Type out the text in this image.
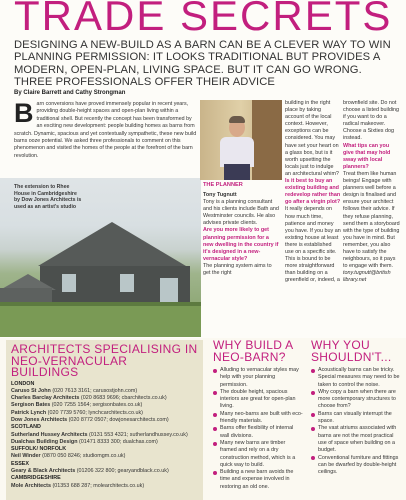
TRADE SECRETS
DESIGNING A NEW-BUILD AS A BARN CAN BE A CLEVER WAY TO WIN PLANNING PERMISSION: IT LOOKS TRADITIONAL BUT PROVIDES A MODERN, OPEN-PLAN, LIVING SPACE. BUT IT CAN GO WRONG. THREE PROFESSIONALS OFFER THEIR ADVICE
By Claire Barrett and Cathy Strongman
B arn conversions have proved immensely popular in recent years, providing double-height spaces and open-plan living within a traditional shell. But recently the concept has been transformed by an exciting new development: people building homes as barns from scratch. Dynamic, spacious and yet contextually sympathetic, these new build barns ooze potential. We asked three professionals to comment on this phenomenon and visited the homes of the people at the forefront of the barn revolution.
The extension to Rhee House in Cambridgeshire by Dow Jones Architects is used as an artist's studio
THE PLANNER

Tony Tugnutt

Tony is a planning consultant and his clients include Bath and Westminster councils. He also advises private clients.

Are you more likely to get planning permission for a new dwelling in the country if it's designed in a new-vernacular style?

The planning system aims to get the right

building in the right place by taking account of the local context. However, exceptions can be considered. You may have set your heart on a glass box, but is it worth upsetting the locals just to indulge an architectural whim?

Is it best to buy an existing building and redevelop rather than go after a virgin plot?

It really depends on how much time, patience and money you have. If you buy an existing house at least there is established use on a specific site. This is bound to be more straightforward than building on a greenfield or, indeed, a

brownfield site. Do not choose a listed building if you want to do a radical makeover. Choose a Sixties dog instead.

What tips can you give that may hold sway with local planners?

Treat them like human beings! Engage with planners well before a design is finalised and ensure your architect follows their advice. If they refuse planning, send them a storyboard with the type of building you have in mind. But remember, you also have to satisfy the neighbours, so it pays to engage with them.

tony.tugnutt@british library.net

ARCHITECTS SPECIALISING IN NEO-VERNACULAR BUILDINGS
LONDON
Caruso St John (020 7613 3161; carusostjohn.com)
Charles Barclay Architects (020 8683 9696; cbarchitects.co.uk)
Sergison Bates (020 7255 1564; sergisonbates.co.uk)
Patrick Lynch (020 7739 5760; lynchcarchitects.co.uk)
Dow Jones Architects (020 8772 0507; dowjonesarchitects.com)
SCOTLAND
Sutherland Hussey Architects (0131 553 4321; sutherlandhussey.co.uk)
Dualchas Building Design (01471 8333 300; dualchas.com)
SUFFOLK/ NORFOLK
Neil Winder (0870 050 8246; studiomgm.co.uk)
ESSEX
Geary & Black Architects (01206 322 800; gearyandblack.co.uk)
CAMBRIDGESHIRE
Mole Architects (01353 688 287; molearchitects.co.uk)
WHY BUILD A NEO-BARN?
Alluding to vernacular styles may help with your planning permission.
The double height, spacious interiors are great for open-plan living.
Many neo-barns are built with eco-friendly materials.
Barns offer flexibility of internal wall divisions.
Many new barns are timber framed and rely on a dry construction method, which is a quick way to build.
Building a new barn avoids the time and expense involved in restoring an old one.
WHY YOU SHOULDN'T...
Acoustically barns can be tricky. Special measures may need to be taken to control the noise.
Why copy a barn when there are more contemporary structures to choose from?
Barns can visually interrupt the space.
The vast atriums associated with barns are not the most practical use of space when building on a budget.
Conventional furniture and fittings can be dwarfed by double-height ceilings.
